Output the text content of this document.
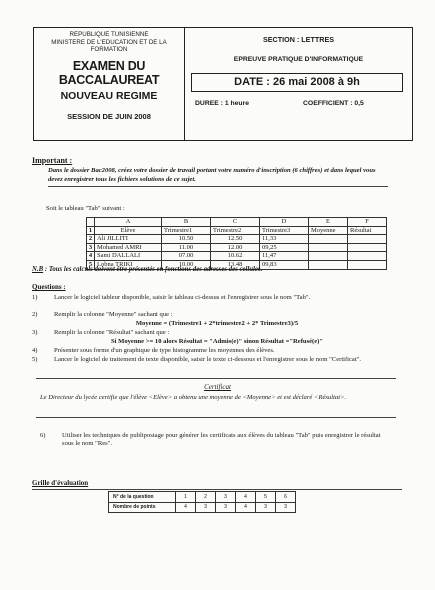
REPUBLIQUE TUNISIENNE
MINISTERE DE L'EDUCATION ET DE LA
FORMATION
EXAMEN DU BACCALAUREAT
NOUVEAU REGIME
SESSION DE JUIN 2008
SECTION : LETTRES
EPREUVE PRATIQUE D'INFORMATIQUE
DATE : 26 mai 2008 à 9h
DUREE : 1 heure	COEFFICIENT : 0,5
Important :
Dans le dossier Bac2008, créez votre dossier de travail portant votre numéro d'inscription (6 chiffres) et dans lequel vous devez enregistrer tous les fichiers solutions de ce sujet.
Soit le tableau "Tab" suivant :
	A	B	C	D	E	F
1	Elève	Trimestre1	Trimestre2	Trimestre3	Moyenne	Résultat
2	Ali JILLITI	10.50	12.50	11,33		
3	Mohamed AMRI	11.00	12.00	09,25		
4	Sami DALLALI	07.00	10.62	11,47		
5	Lobna TRIKI	10.00	13.48	09,83		
N.B : Tous les calculs doivent être présentés en fonctions des adresses des cellules.
Questions :
1)	Lancer le logiciel tableur disponible, saisir le tableau ci-dessus et l'enregistrer sous le nom "Tab".
2)	Remplir la colonne "Moyenne" sachant que :
Moyenne = (Trimestre1 + 2*trimestre2 + 2* Trimestre3)/5
3)	Remplir la colonne "Résultat" sachant que :
Si Moyenne >= 10 alors Résultat = "Admis(e)" sinon Résultat ="Refusé(e)"
4)	Présenter sous forme d'un graphique de type histogramme les moyennes des élèves.
5)	Lancer le logiciel de traitement de texte disponible, saisir le texte ci-dessous et l'enregistrer sous le nom "Certificat".
Certificat
Le Directeur du lycée certifie que l'élève <Elève> a obtenu une moyenne de <Moyenne> et est déclaré <Résultat>.
6)	Utiliser les techniques de publipostage pour générer les certificats aux élèves du tableau "Tab" puis enregistrer le résultat sous le nom "Res".
Grille d'évaluation
N° de la question	1	2	3	4	5	6
Nombre de points	4	3	3	4	3	3
